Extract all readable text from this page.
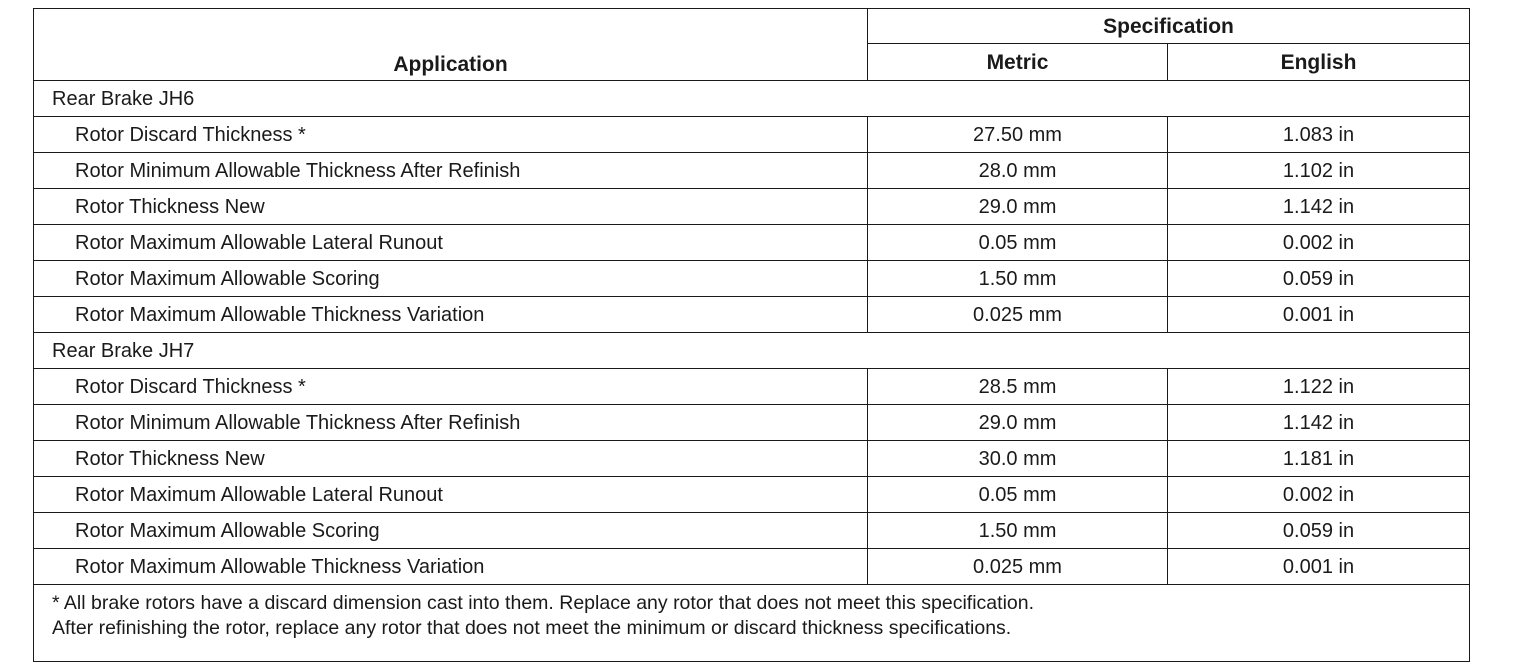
Application	Specification	
	Metric	English
Rear Brake JH6		
Rotor Discard Thickness *	27.50 mm	1.083 in
Rotor Minimum Allowable Thickness After Refinish	28.0 mm	1.102 in
Rotor Thickness New	29.0 mm	1.142 in
Rotor Maximum Allowable Lateral Runout	0.05 mm	0.002 in
Rotor Maximum Allowable Scoring	1.50 mm	0.059 in
Rotor Maximum Allowable Thickness Variation	0.025 mm	0.001 in
Rear Brake JH7		
Rotor Discard Thickness *	28.5 mm	1.122 in
Rotor Minimum Allowable Thickness After Refinish	29.0 mm	1.142 in
Rotor Thickness New	30.0 mm	1.181 in
Rotor Maximum Allowable Lateral Runout	0.05 mm	0.002 in
Rotor Maximum Allowable Scoring	1.50 mm	0.059 in
Rotor Maximum Allowable Thickness Variation	0.025 mm	0.001 in

* All brake rotors have a discard dimension cast into them. Replace any rotor that does not meet this specification.
After refinishing the rotor, replace any rotor that does not meet the minimum or discard thickness specifications.		
